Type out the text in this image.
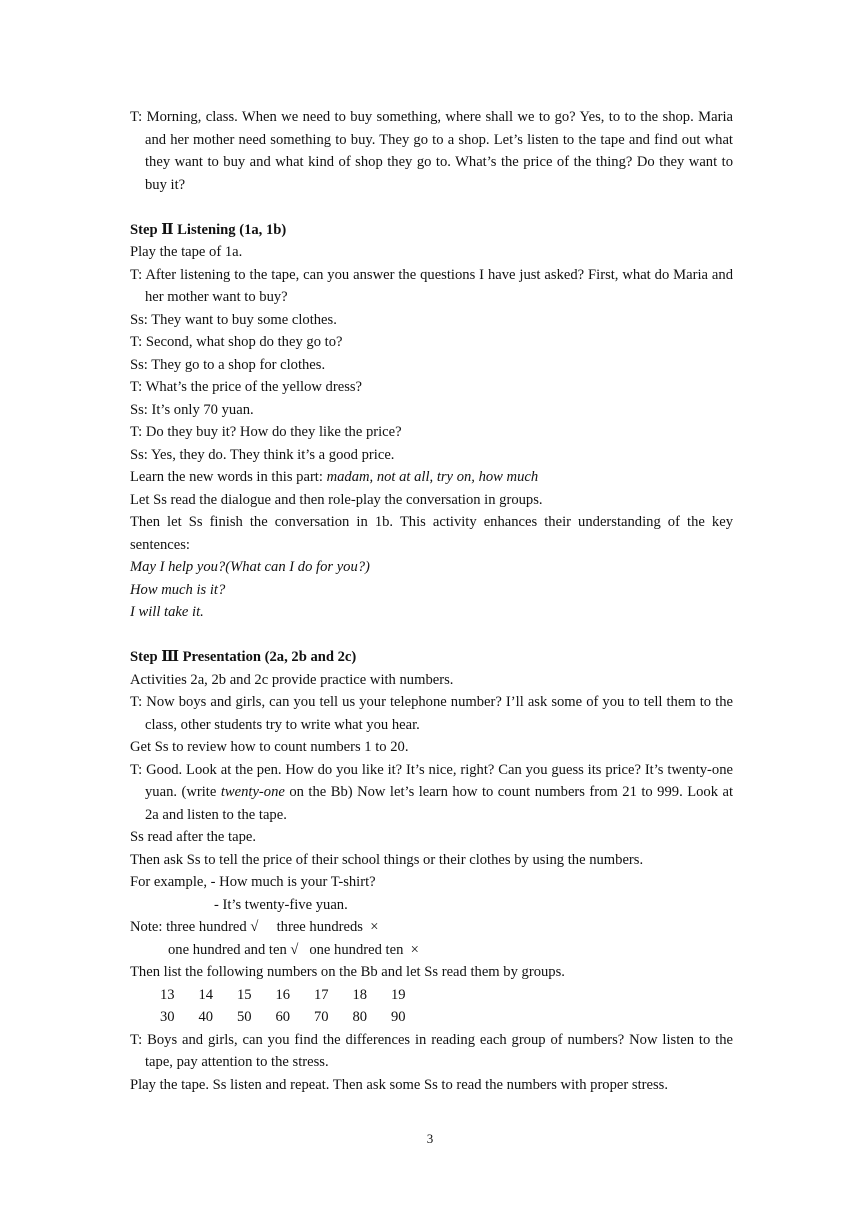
T: Morning, class. When we need to buy something, where shall we to go? Yes, to to the shop. Maria and her mother need something to buy. They go to a shop. Let’s listen to the tape and find out what they want to buy and what kind of shop they go to. What’s the price of the thing? Do they want to buy it?

Step Ⅱ Listening (1a, 1b)

Play the tape of 1a.

T: After listening to the tape, can you answer the questions I have just asked? First, what do Maria and her mother want to buy?

Ss: They want to buy some clothes.

T: Second, what shop do they go to?

Ss: They go to a shop for clothes.

T: What’s the price of the yellow dress?

Ss: It’s only 70 yuan.

T: Do they buy it? How do they like the price?

Ss: Yes, they do. They think it’s a good price.

Learn the new words in this part: madam, not at all, try on, how much

Let Ss read the dialogue and then role-play the conversation in groups.

Then let Ss finish the conversation in 1b. This activity enhances their understanding of the key sentences:

May I help you?(What can I do for you?)

How much is it?

I will take it.

Step Ⅲ Presentation (2a, 2b and 2c)

Activities 2a, 2b and 2c provide practice with numbers.

T: Now boys and girls, can you tell us your telephone number? I’ll ask some of you to tell them to the class, other students try to write what you hear.

Get Ss to review how to count numbers 1 to 20.

T: Good. Look at the pen. How do you like it? It’s nice, right? Can you guess its price? It’s twenty-one yuan. (write twenty-one on the Bb) Now let’s learn how to count numbers from 21 to 999. Look at 2a and listen to the tape.

Ss read after the tape.

Then ask Ss to tell the price of their school things or their clothes by using the numbers.

For example, - How much is your T-shirt?

- It’s twenty-five yuan.

Note: three hundred √     three hundreds  ×

one hundred and ten √   one hundred ten  ×

Then list the following numbers on the Bb and let Ss read them by groups.

13	14	15	16	17	18	19

30	40	50	60	70	80	90

T: Boys and girls, can you find the differences in reading each group of numbers? Now listen to the tape, pay attention to the stress.

Play the tape. Ss listen and repeat. Then ask some Ss to read the numbers with proper stress.

3
